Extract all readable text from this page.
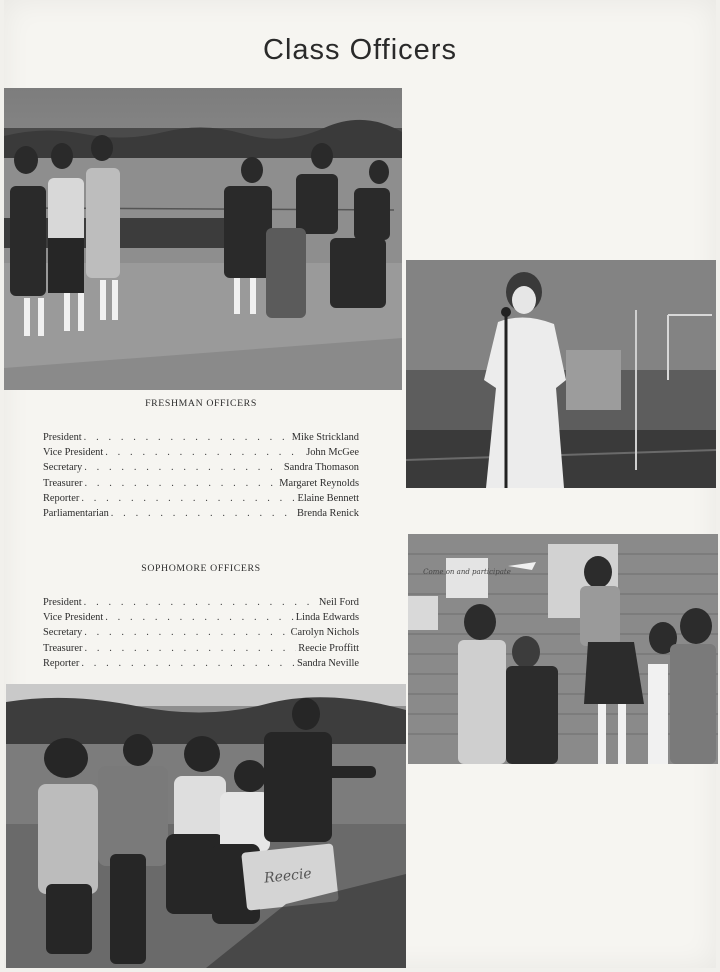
Class Officers
Come on and participate
Reecie
FRESHMAN OFFICERS
President . . .	Mike Strickland
Vice President . . .	John McGee
Secretary . . .	Sandra Thomason
Treasurer . . .	Margaret Reynolds
Reporter . . .	Elaine Bennett
Parliamentarian . . .	Brenda Renick
SOPHOMORE OFFICERS
President . . .	Neil Ford
Vice President . . .	Linda Edwards
Secretary . . .	Carolyn Nichols
Treasurer . . .	Reecie Proffitt
Reporter . . .	Sandra Neville
